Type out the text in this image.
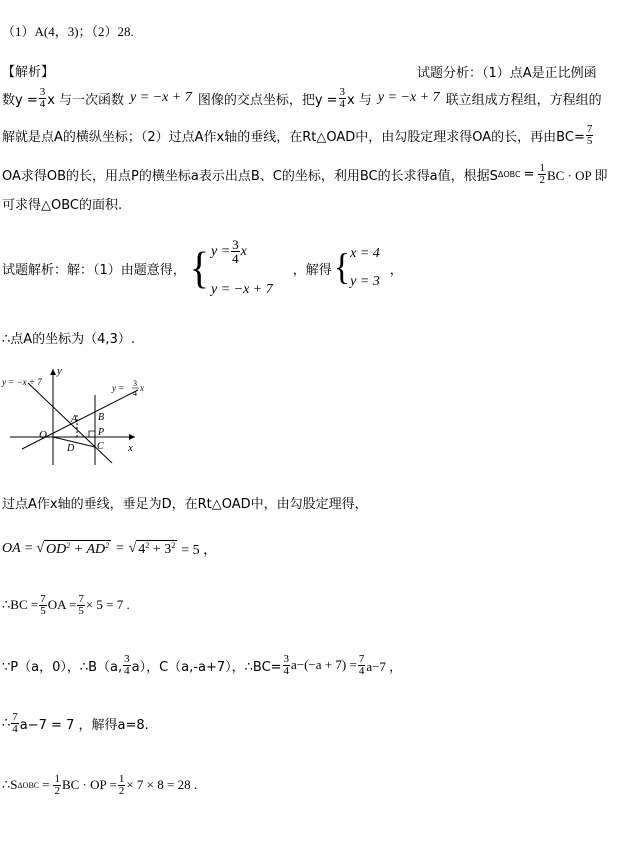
（1）A(4，3)；（2）28.
【解析】	试题分析：（1）点A是正比例函
数$y = \frac{3}{4}$ x 与一次函数 y = −x + 7 图像的交点坐标，把$y = \frac{3}{4}$ x 与 y = −x + 7 联立组成方程组，方程组的
解就是点A的横纵坐标；（2）过点A作x轴的垂线，在Rt△OAD中，由勾股定理求得OA的长，再由$BC= \frac{7}{5}$
OA求得OB的长，用点P的横坐标a表示出点B、C的坐标，利用BC的长求得a值，根据S $\Delta OBC = \frac{1}{2}$ BC · OP 即
可求得△OBC的面积.
试题解析：解：（1）由题意得， { $y = \frac{3}{4}$ x
y = −x + 7
，解得 { x = 4
y = 3
，
∴点A的坐标为（4,3）.
y = −x + 7
y = 3
4
x
y
x
O
A B
P
C
D
过点A作x轴的垂线，垂足为D，在Rt△OAD中，由勾股定理得，
OA = √ $OD^2 + AD^2$ = √ $4^2 + 3^2 = 5$ ，
∴BC = $\frac{7}{5}$ OA = $\frac{7}{5} \times 5 = 7$ .
∵P（a，0），∴B（a, $\frac{3}{4} a$），C（a,-a+7），∴BC= $\frac{3}{4} a-(-a + 7) = \frac{7}{4} a-7$ ，
∴ $\frac{7}{4} a-7 = 7$ ，解得a=8.
∴S $\Delta OBC = \frac{1}{2}$ BC · OP = $\frac{1}{2} \times 7 \times 8 = 28$ .
